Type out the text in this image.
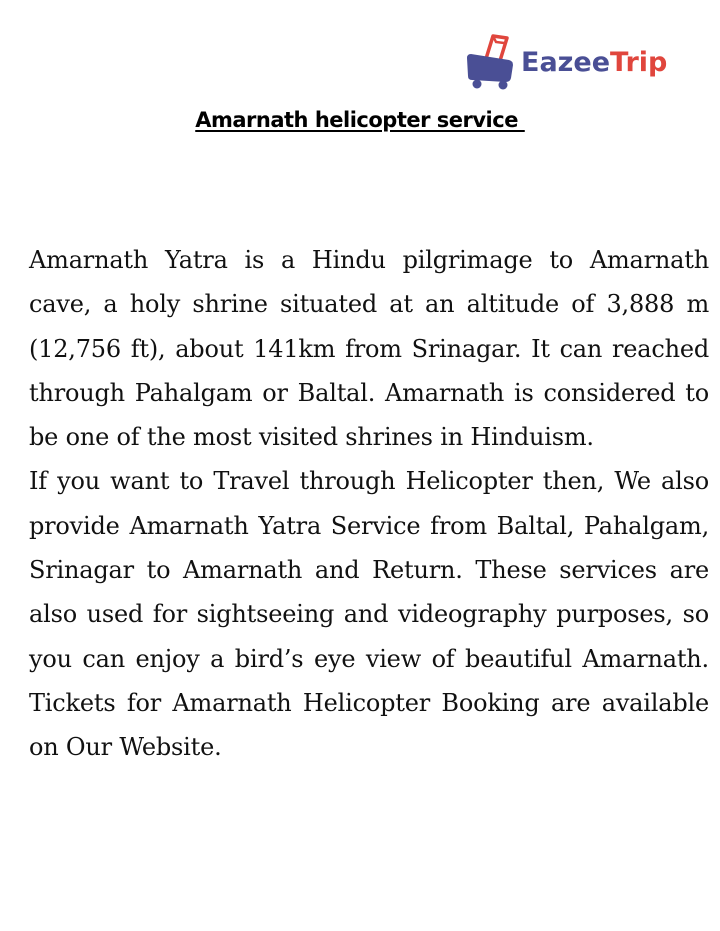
EazeeTrip
Amarnath helicopter service

Amarnath Yatra is a Hindu pilgrimage to Amarnath cave, a holy shrine situated at an altitude of 3,888 m (12,756 ft), about 141km from Srinagar. It can reached through Pahalgam or Baltal. Amarnath is considered to be one of the most visited shrines in Hinduism.

If you want to Travel through Helicopter then, We also provide Amarnath Yatra Service from Baltal, Pahalgam, Srinagar to Amarnath and Return. These services are also used for sightseeing and videography purposes, so you can enjoy a bird’s eye view of beautiful Amarnath. Tickets for Amarnath Helicopter Booking are available on Our Website.
